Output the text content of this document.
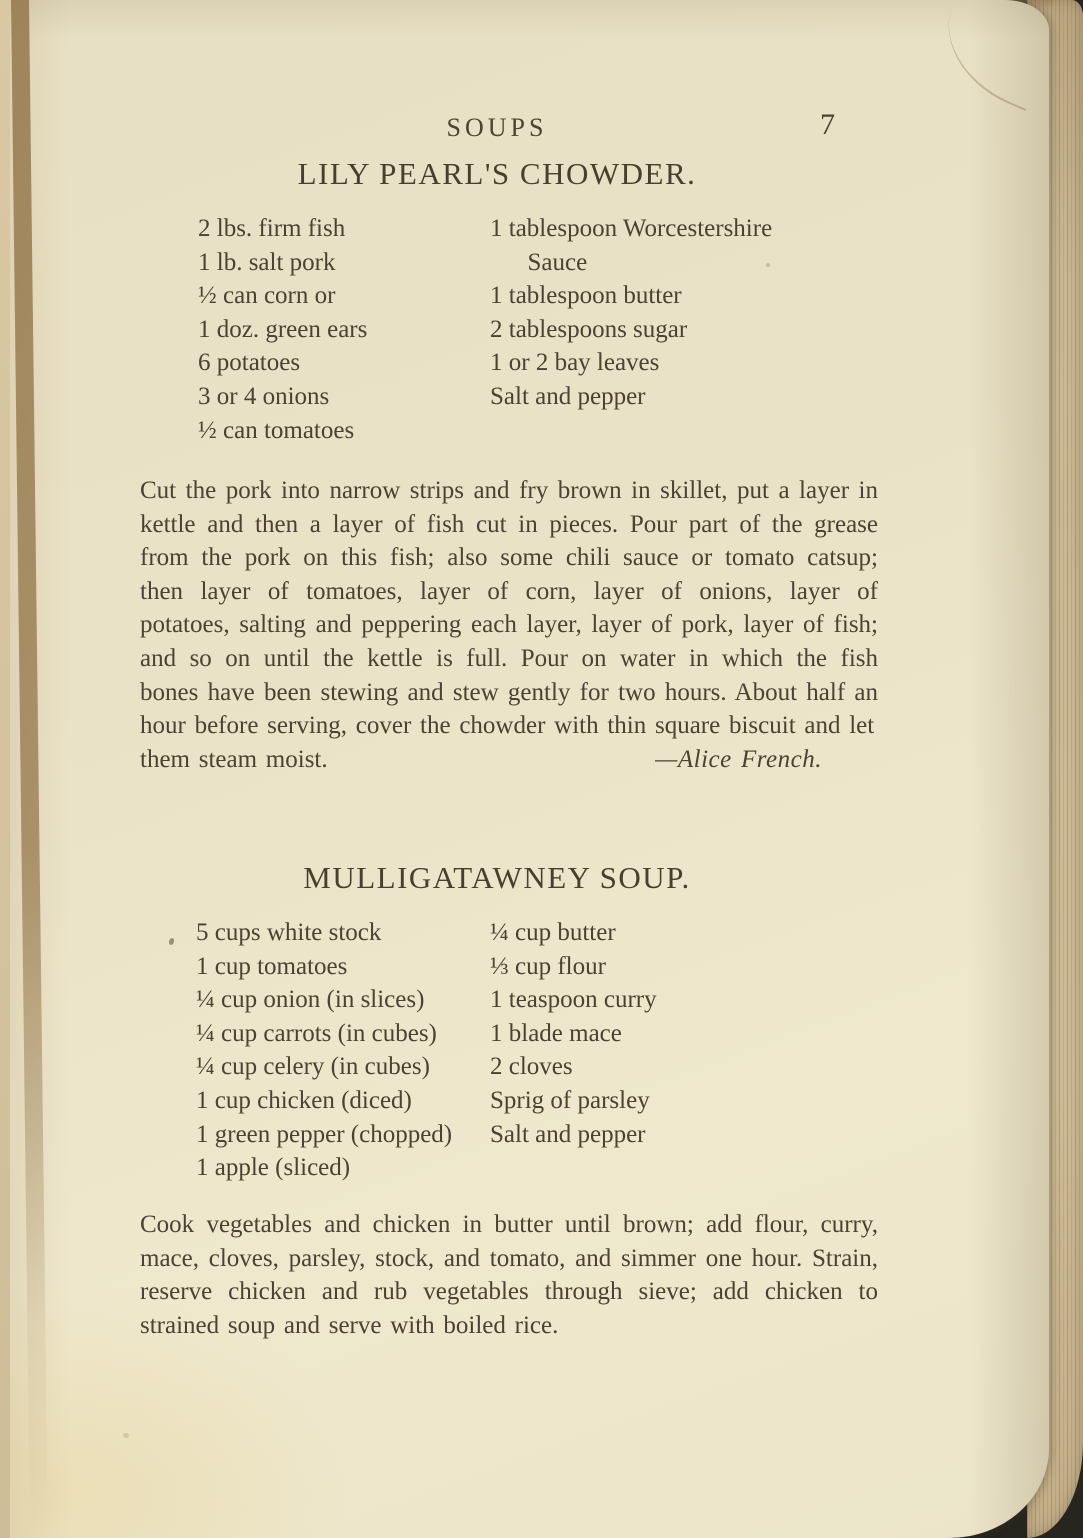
SOUPS	7
LILY PEARL'S CHOWDER.
2 lbs. firm fish
1 lb. salt pork
½ can corn or
1 doz. green ears
6 potatoes
3 or 4 onions
½ can tomatoes
1 tablespoon Worcestershire
Sauce
1 tablespoon butter
2 tablespoons sugar
1 or 2 bay leaves
Salt and pepper
Cut the pork into narrow strips and fry brown in skillet, put a layer in kettle and then a layer of fish cut in pieces. Pour part of the grease from the pork on this fish; also some chili sauce or tomato catsup; then layer of tomatoes, layer of corn, layer of onions, layer of potatoes, salting and peppering each layer, layer of pork, layer of fish; and so on until the kettle is full. Pour on water in which the fish bones have been stewing and stew gently for two hours. About half an hour before serving, cover the chowder with thin square biscuit and let
them steam moist.	—Alice French.
MULLIGATAWNEY SOUP.
5 cups white stock
1 cup tomatoes
¼ cup onion (in slices)
¼ cup carrots (in cubes)
¼ cup celery (in cubes)
1 cup chicken (diced)
1 green pepper (chopped)
1 apple (sliced)
¼ cup butter
⅓ cup flour
1 teaspoon curry
1 blade mace
2 cloves
Sprig of parsley
Salt and pepper
Cook vegetables and chicken in butter until brown; add flour, curry, mace, cloves, parsley, stock, and tomato, and simmer one hour. Strain, reserve chicken and rub vegetables through sieve; add chicken to strained soup and serve with boiled rice.
